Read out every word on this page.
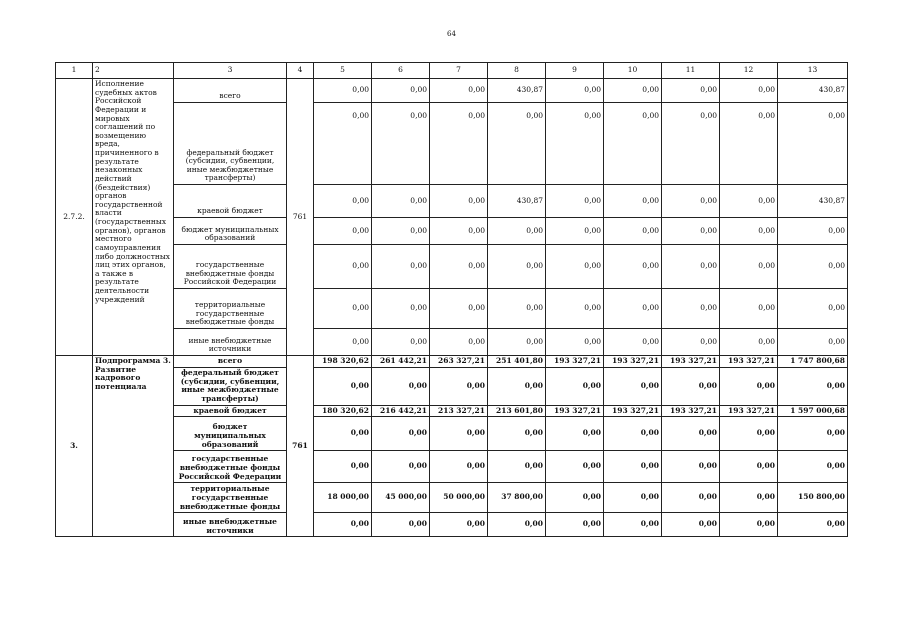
64
1	2	3	4	5	6	7	8	9	10	11	12	13
2.7.2.	Исполнение судебных актов Российской Федерации и мировых соглашений по возмещению вреда, причиненного в результате незаконных действий (бездействия) органов государственной власти (государственных органов), органов местного самоуправления либо должностных лиц этих органов, а также в результате деятельности учреждений	всего	761	0,00	0,00	0,00	430,87	0,00	0,00	0,00	0,00	430,87
		федеральный бюджет (субсидии, субвенции, иные межбюджетные трансферты)		0,00	0,00	0,00	0,00	0,00	0,00	0,00	0,00	0,00
		краевой бюджет		0,00	0,00	0,00	430,87	0,00	0,00	0,00	0,00	430,87
		бюджет муниципальных образований		0,00	0,00	0,00	0,00	0,00	0,00	0,00	0,00	0,00
		государственные внебюджетные фонды Российской Федерации		0,00	0,00	0,00	0,00	0,00	0,00	0,00	0,00	0,00
		территориальные государственные внебюджетные фонды		0,00	0,00	0,00	0,00	0,00	0,00	0,00	0,00	0,00
		иные внебюджетные источники		0,00	0,00	0,00	0,00	0,00	0,00	0,00	0,00	0,00
3.	Подпрограмма 3. Развитие кадрового потенциала	всего	761	198 320,62	261 442,21	263 327,21	251 401,80	193 327,21	193 327,21	193 327,21	193 327,21	1 747 800,68
		федеральный бюджет (субсидии, субвенции, иные межбюджетные трансферты)		0,00	0,00	0,00	0,00	0,00	0,00	0,00	0,00	0,00
		краевой бюджет		180 320,62	216 442,21	213 327,21	213 601,80	193 327,21	193 327,21	193 327,21	193 327,21	1 597 000,68
		бюджет муниципальных образований		0,00	0,00	0,00	0,00	0,00	0,00	0,00	0,00	0,00
		государственные внебюджетные фонды Российской Федерации		0,00	0,00	0,00	0,00	0,00	0,00	0,00	0,00	0,00
		территориальные государственные внебюджетные фонды		18 000,00	45 000,00	50 000,00	37 800,00	0,00	0,00	0,00	0,00	150 800,00
		иные внебюджетные источники		0,00	0,00	0,00	0,00	0,00	0,00	0,00	0,00	0,00
